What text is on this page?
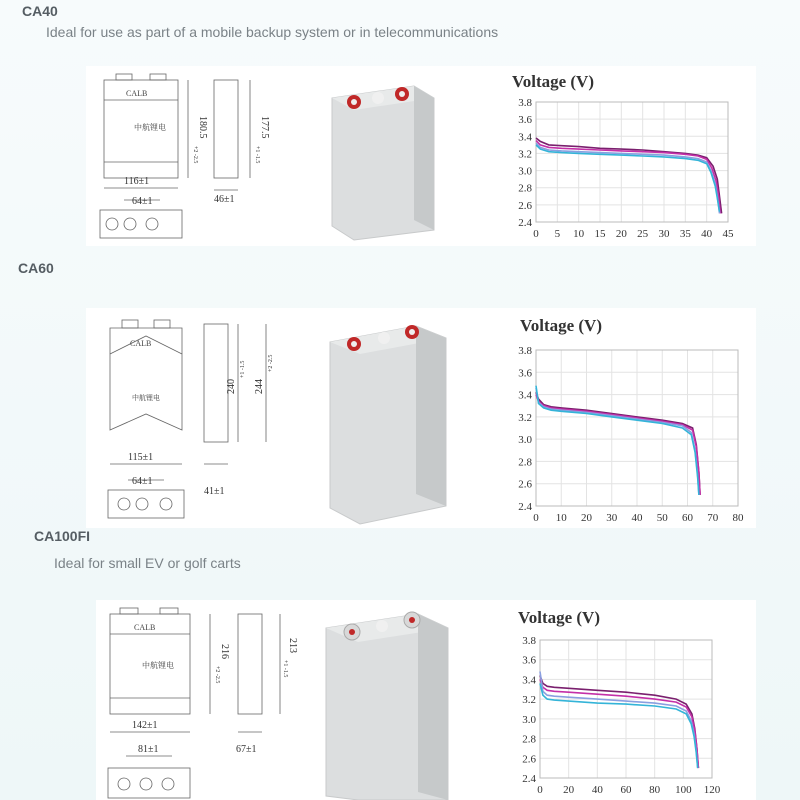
CA40
Ideal for use as part of a mobile backup system or in telecommunications
CALB
中航锂电
116±1
64±1
180.5
+2 -2.5
177.5
+1 -1.5
46±1
Voltage (V)
2.4
2.6
2.8
3.0
3.2
3.4
3.6
3.8
0 5 10 15 20 25 30 35 40 45
CA60
CALB
中航锂电
115±1
64±1
240
+1 -1.5
244
+2 -2.5
41±1
Voltage (V)
2.4
2.6
2.8
3.0
3.2
3.4
3.6
3.8
0 10 20 30 40 50 60 70 80
CA100FI
Ideal for small EV or golf carts
CALB
中航锂电
142±1
81±1
216
+2 -2.5
213
+1 -1.5
67±1
Voltage (V)
2.4
2.6
2.8
3.0
3.2
3.4
3.6
3.8
0 20 40 60 80 100 120
